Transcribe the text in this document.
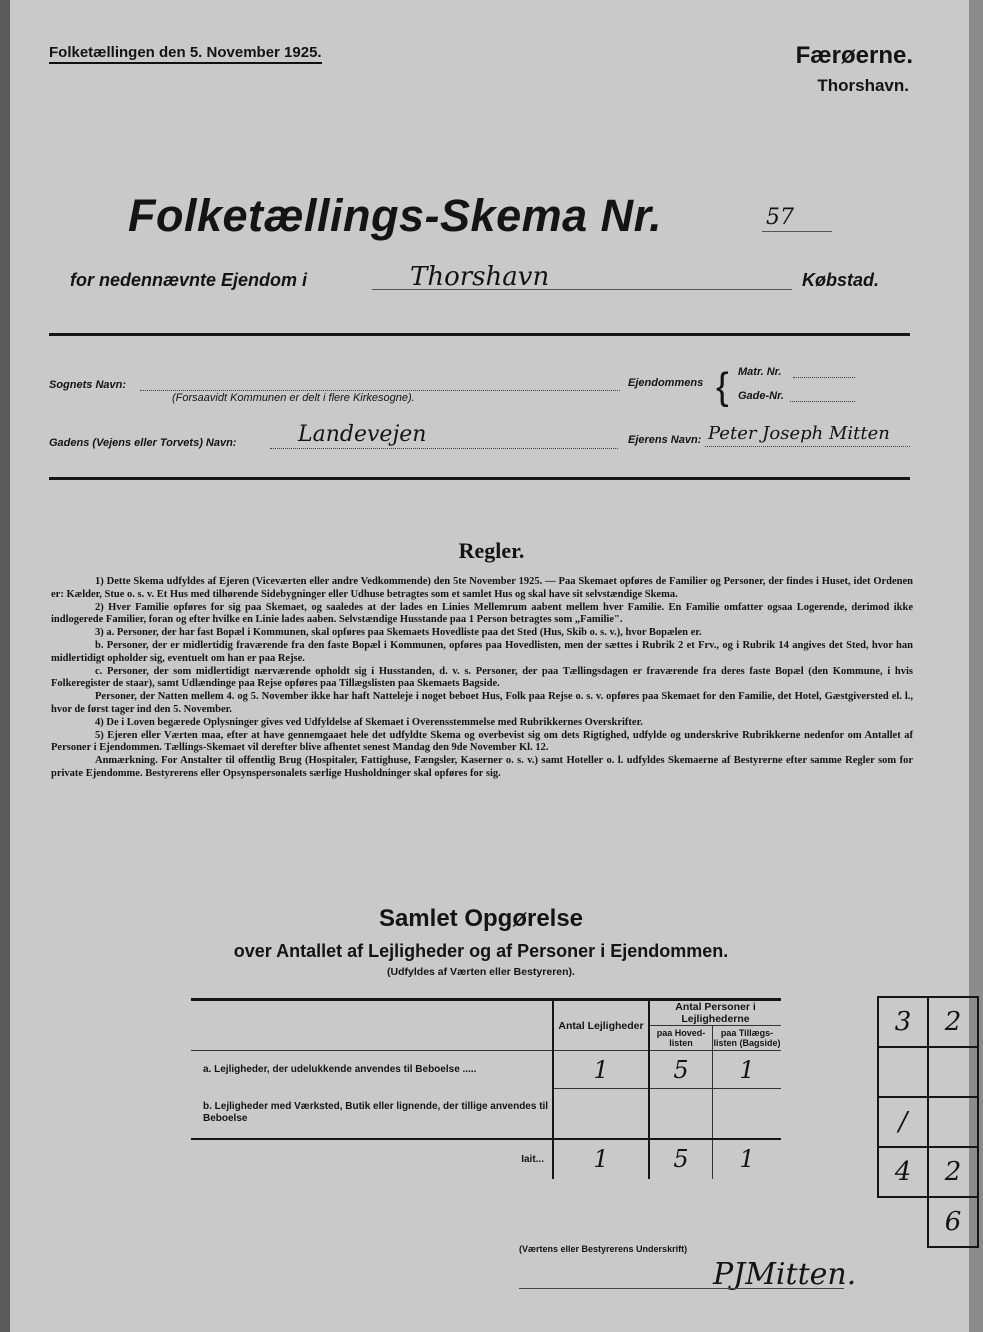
Folketællingen den 5. November 1925.	Færøerne.
Thorshavn.
Folketællings-Skema Nr.	57
for nedennævnte Ejendom i	Thorshavn	Købstad.
Sognets Navn:
(Forsaavidt Kommunen er delt i flere Kirkesogne).
Ejendommens { Matr. Nr.
Gade-Nr.
Gadens (Vejens eller Torvets) Navn:	Landevejen	Ejerens Navn: Peter Joseph Mitten
Regler.

1) Dette Skema udfyldes af Ejeren (Viceværten eller andre Vedkommende) den 5te November 1925. — Paa Skemaet opføres de Familier og Personer, der findes i Huset, idet Ordenen er: Kælder, Stue o. s. v. Et Hus med tilhørende Sidebygninger eller Udhuse betragtes som et samlet Hus og skal have sit selvstændige Skema.

2) Hver Familie opføres for sig paa Skemaet, og saaledes at der lades en Linies Mellemrum aabent mellem hver Familie. En Familie omfatter ogsaa Logerende, derimod ikke indlogerede Familier, foran og efter hvilke en Linie lades aaben. Selvstændige Husstande paa 1 Person betragtes som „Familie".

3) a. Personer, der har fast Bopæl i Kommunen, skal opføres paa Skemaets Hovedliste paa det Sted (Hus, Skib o. s. v.), hvor Bopælen er.

b. Personer, der er midlertidig fraværende fra den faste Bopæl i Kommunen, opføres paa Hovedlisten, men der sættes i Rubrik 2 et Frv., og i Rubrik 14 angives det Sted, hvor han midlertidigt opholder sig, eventuelt om han er paa Rejse.

c. Personer, der som midlertidigt nærværende opholdt sig i Husstanden, d. v. s. Personer, der paa Tællingsdagen er fraværende fra deres faste Bopæl (den Kommune, i hvis Folkeregister de staar), samt Udlændinge paa Rejse opføres paa Tillægslisten paa Skemaets Bagside.

Personer, der Natten mellem 4. og 5. November ikke har haft Natteleje i noget beboet Hus, Folk paa Rejse o. s. v. opføres paa Skemaet for den Familie, det Hotel, Gæstgiversted el. l., hvor de først tager ind den 5. November.

4) De i Loven begærede Oplysninger gives ved Udfyldelse af Skemaet i Overensstemmelse med Rubrikkernes Overskrifter.

5) Ejeren eller Værten maa, efter at have gennemgaaet hele det udfyldte Skema og overbevist sig om dets Rigtighed, udfylde og underskrive Rubrikkerne nedenfor om Antallet af Personer i Ejendommen. Tællings-Skemaet vil derefter blive afhentet senest Mandag den 9de November Kl. 12.

Anmærkning. For Anstalter til offentlig Brug (Hospitaler, Fattighuse, Fængsler, Kaserner o. s. v.) samt Hoteller o. l. udfyldes Skemaerne af Bestyrerne efter samme Regler som for private Ejendomme. Bestyrerens eller Opsynspersonalets særlige Husholdninger skal opføres for sig.

Samlet Opgørelse
over Antallet af Lejligheder og af Personer i Ejendommen.
(Udfyldes af Værten eller Bestyreren).
	Antal Lejligheder	Antal Personer i Lejlighederne	
		paa Hoved-listen	paa Tillægs-listen (Bagside)
a. Lejligheder, der udelukkende anvendes til Beboelse .....	1	5	1
b. Lejligheder med Værksted, Butik eller lignende, der tillige anvendes til Beboelse			
Iait...	1	5	1
3	2

/	
4	2
	6
(Værtens eller Bestyrerens Underskrift)
PJMitten.
